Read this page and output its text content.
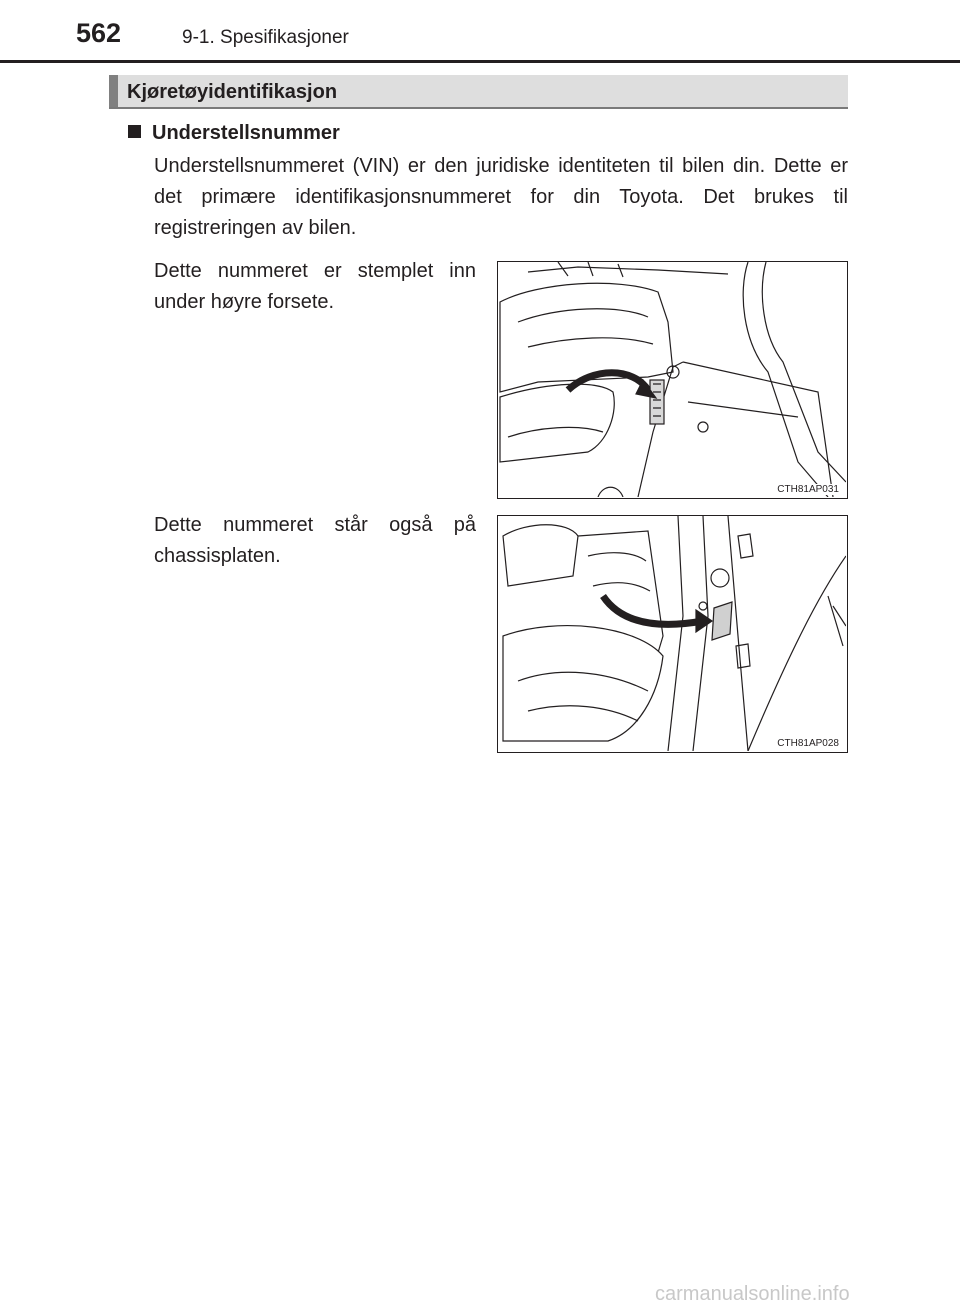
562	9-1. Spesifikasjoner
Kjøretøyidentifikasjon
Understellsnummer
Understellsnummeret (VIN) er den juridiske identiteten til bilen din. Dette er det primære identifikasjonsnummeret for din Toyota. Det brukes til registreringen av bilen.
Dette nummeret er stemplet inn under høyre forsete.
CTH81AP031
Dette nummeret står også på chassisplaten.
CTH81AP028
carmanualsonline.info
